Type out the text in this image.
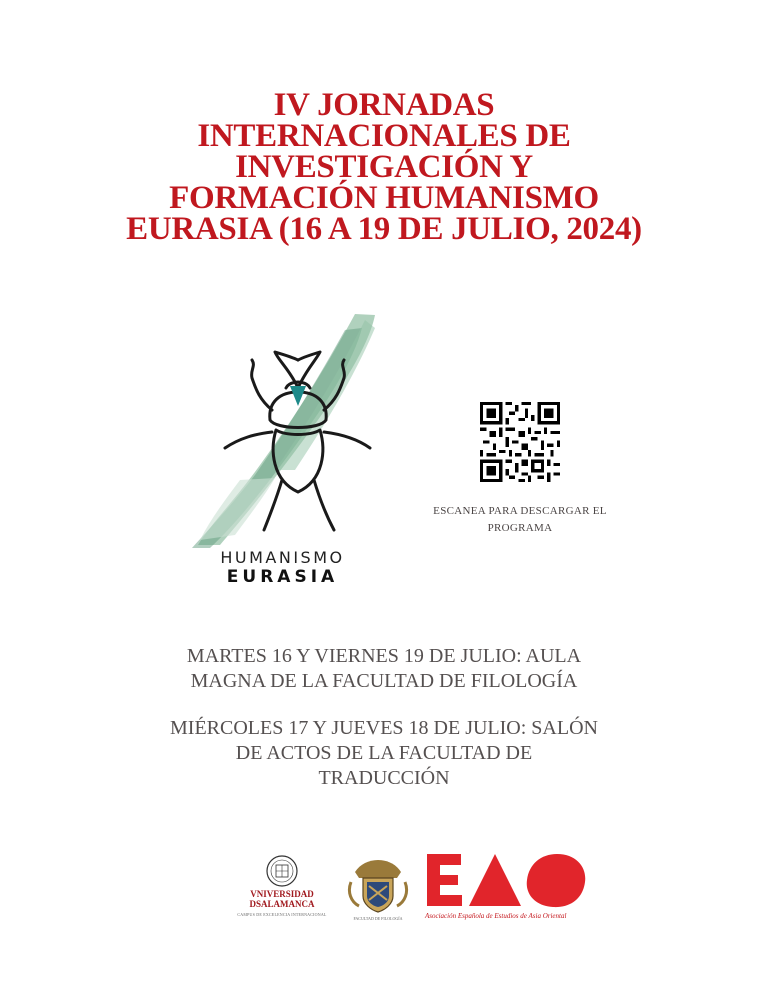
IV JORNADAS
INTERNACIONALES DE
INVESTIGACIÓN Y
FORMACIÓN HUMANISMO
EURASIA (16 A 19 DE JULIO, 2024)
HUMANISMO
EURASIA
ESCANEA PARA DESCARGAR EL
PROGRAMA
MARTES 16 Y VIERNES 19 DE JULIO: AULA
MAGNA DE LA FACULTAD DE FILOLOGÍA
MIÉRCOLES 17 Y JUEVES 18 DE JULIO: SALÓN
DE ACTOS DE LA FACULTAD DE
TRADUCCIÓN
VNIVERSIDAD
DSALAMANCA
CAMPUS DE EXCELENCIA INTERNACIONAL
FACULTAD DE FILOLOGÍA	Asociación Española de Estudios de Asia Oriental
